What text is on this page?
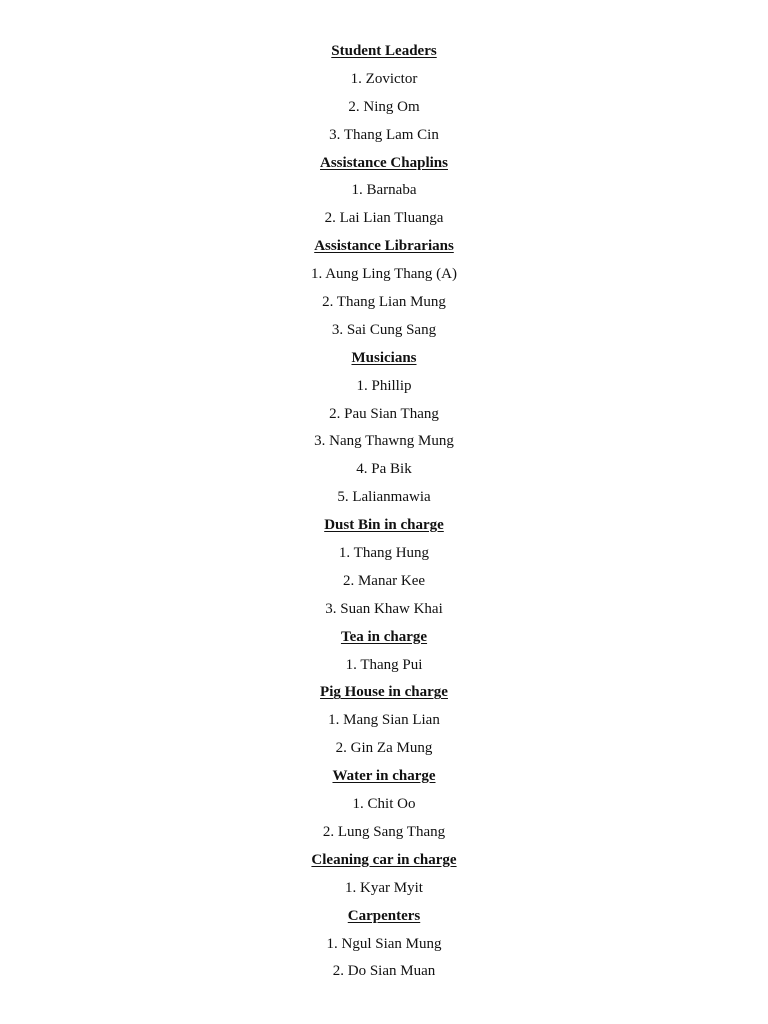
Student Leaders
1. Zovictor
2. Ning Om
3. Thang Lam Cin
Assistance Chaplins
1. Barnaba
2. Lai Lian Tluanga
Assistance Librarians
1. Aung Ling Thang (A)
2. Thang Lian Mung
3. Sai Cung Sang
Musicians
1. Phillip
2. Pau Sian Thang
3. Nang Thawng Mung
4. Pa Bik
5. Lalianmawia
Dust Bin in charge
1. Thang Hung
2. Manar Kee
3. Suan Khaw Khai
Tea in charge
1. Thang Pui
Pig House in charge
1. Mang Sian Lian
2. Gin Za Mung
Water in charge
1. Chit Oo
2. Lung Sang Thang
Cleaning car in charge
1. Kyar Myit
Carpenters
1. Ngul Sian Mung
2. Do Sian Muan
